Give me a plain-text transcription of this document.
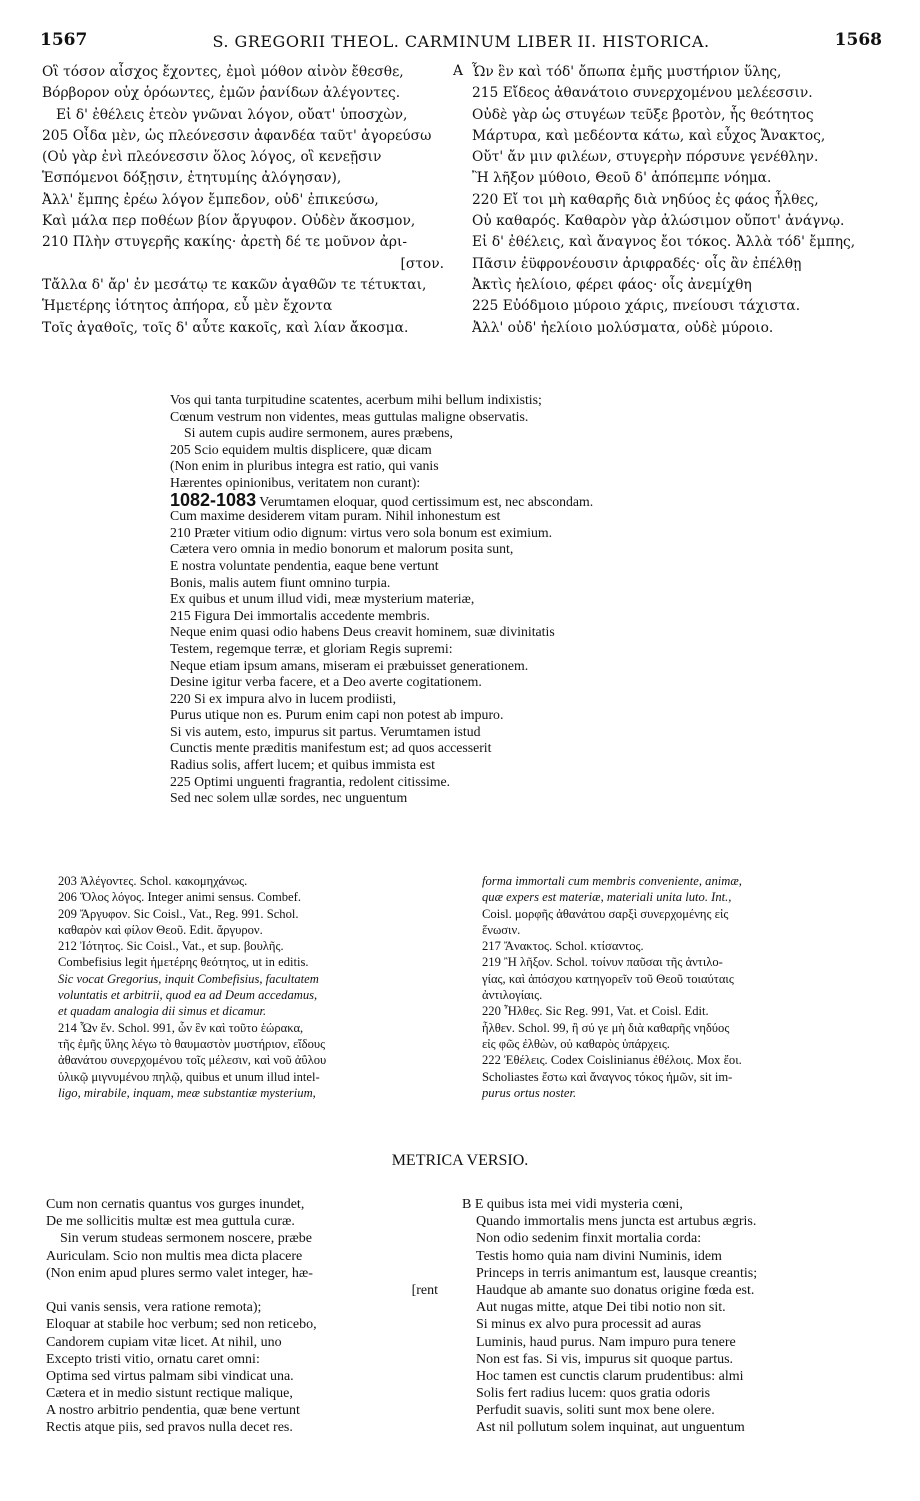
1567	S. GREGORII THEOL. CARMINUM LIBER II. HISTORICA.	1568
Οἳ τόσον αἶσχος ἔχοντες, ἐμοὶ μόθον αἰνὸν ἔθεσθε,
Βόρβορον οὐχ ὁρόωντες, ἐμῶν ῥανίδων ἀλέγοντες.
Εἰ δ' ἐθέλεις ἐτεὸν γνῶναι λόγον, οὔατ' ὑποσχὼν,
205 Οἶδα μὲν, ὡς πλεόνεσσιν ἀφανδέα ταῦτ' ἀγορεύσω
(Οὐ γὰρ ἐνὶ πλεόνεσσιν ὅλος λόγος, οἳ κενεῇσιν
Ἑσπόμενοι δόξῃσιν, ἐτητυμίης ἀλόγησαν),
Ἀλλ' ἔμπης ἐρέω λόγον ἔμπεδον, οὐδ' ἐπικεύσω,
Καὶ μάλα περ ποθέων βίον ἄργυφον. Οὐδὲν ἄκοσμον,
210 Πλὴν στυγερῆς κακίης· ἀρετὴ δέ τε μοῦνον ἀρι-
[στον.
Τἄλλα δ' ἄρ' ἐν μεσάτῳ τε κακῶν ἀγαθῶν τε τέτυκται,
Ἡμετέρης ἰότητος ἀπήορα, εὖ μὲν ἔχοντα
Τοῖς ἀγαθοῖς, τοῖς δ' αὖτε κακοῖς, καὶ λίαν ἄκοσμα.
A Ὧν ἓν καὶ τόδ' ὄπωπα ἐμῆς μυστήριον ὕλης,
215 Εἴδεος ἀθανάτοιο συνερχομένου μελέεσσιν.
Οὐδὲ γὰρ ὡς στυγέων τεῦξε βροτὸν, ἧς θεότητος
Μάρτυρα, καὶ μεδέοντα κάτω, καὶ εὖχος Ἄνακτος,
Οὔτ' ἄν μιν φιλέων, στυγερὴν πόρσυνε γενέθλην.
Ἢ λῆξον μύθοιο, Θεοῦ δ' ἀπόπεμπε νόημα.
220 Εἴ τοι μὴ καθαρῆς διὰ νηδύος ἐς φάος ἦλθες,
Οὐ καθαρός. Καθαρὸν γὰρ ἁλώσιμον οὔποτ' ἀνάγνῳ.
Εἰ δ' ἐθέλεις, καὶ ἄναγνος ἔοι τόκος. Ἀλλὰ τόδ' ἔμπης,
Πᾶσιν ἐϋφρονέουσιν ἀριφραδές· οἷς ἂν ἐπέλθῃ
Ἀκτὶς ἠελίοιο, φέρει φάος· οἷς ἀνεμίχθη
225 Εὐόδμοιο μύροιο χάρις, πνείουσι τάχιστα.
Ἀλλ' οὐδ' ἠελίοιο μολύσματα, οὐδὲ μύροιο.
Vos qui tanta turpitudine scatentes, acerbum mihi bellum indixistis;
Cœnum vestrum non videntes, meas guttulas maligne observatis.
Si autem cupis audire sermonem, aures præbens,
205 Scio equidem multis displicere, quæ dicam
(Non enim in pluribus integra est ratio, qui vanis
Hærentes opinionibus, veritatem non curant):
1082-1083 Verumtamen eloquar, quod certissimum est, nec abscondam.
Cum maxime desiderem vitam puram. Nihil inhonestum est
210 Præter vitium odio dignum: virtus vero sola bonum est eximium.
Cætera vero omnia in medio bonorum et malorum posita sunt,
E nostra voluntate pendentia, eaque bene vertunt
Bonis, malis autem fiunt omnino turpia.
Ex quibus et unum illud vidi, meæ mysterium materiæ,
215 Figura Dei immortalis accedente membris.
Neque enim quasi odio habens Deus creavit hominem, suæ divinitatis
Testem, regemque terræ, et gloriam Regis supremi:
Neque etiam ipsum amans, miseram ei præbuisset generationem.
Desine igitur verba facere, et a Deo averte cogitationem.
220 Si ex impura alvo in lucem prodiisti,
Purus utique non es. Purum enim capi non potest ab impuro.
Si vis autem, esto, impurus sit partus. Verumtamen istud
Cunctis mente præditis manifestum est; ad quos accesserit
Radius solis, affert lucem; et quibus immista est
225 Optimi unguenti fragrantia, redolent citissime.
Sed nec solem ullæ sordes, nec unguentum
203 Ἀλέγοντες. Schol. κακομηχάνως.
206 Ὅλος λόγος. Integer animi sensus. Combef.
209 Ἄργυφον. Sic Coisl., Vat., Reg. 991. Schol.
καθαρὸν καὶ φίλον Θεοῦ. Edit. ἄργυρον.
212 Ἰότητος. Sic Coisl., Vat., et sup. βουλῆς.
Combefisius legit ἡμετέρης θεότητος, ut in editis.
Sic vocat Gregorius, inquit Combefisius, facultatem
voluntatis et arbitrii, quod ea ad Deum accedamus,
et quadam analogia dii simus et dicamur.
214 Ὧν ἕν. Schol. 991, ὧν ἓν καὶ τοῦτο ἑώρακα,
τῆς ἐμῆς ὕλης λέγω τὸ θαυμαστὸν μυστήριον, εἴδους
ἀθανάτου συνερχομένου τοῖς μέλεσιν, καὶ νοῦ ἀΰλου
ὑλικῷ μιγνυμένου πηλῷ, quibus et unum illud intel-
ligo, mirabile, inquam, meæ substantiæ mysterium,
forma immortali cum membris conveniente, animæ,
quæ expers est materiæ, materiali unita luto. Int.,
Coisl. μορφῆς ἀθανάτου σαρξὶ συνερχομένης εἰς
ἕνωσιν.
217 Ἄνακτος. Schol. κτίσαντος.
219 Ἢ λῆξον. Schol. τοίνυν παῦσαι τῆς ἀντιλο-
γίας, καὶ ἀπόσχου κατηγορεῖν τοῦ Θεοῦ τοιαύταις
ἀντιλογίαις.
220 Ἦλθες. Sic Reg. 991, Vat. et Coisl. Edit.
ἦλθεν. Schol. 99, ἢ σύ γε μὴ διὰ καθαρῆς νηδύος
εἰς φῶς ἐλθὼν, οὐ καθαρὸς ὑπάρχεις.
222 Ἐθέλεις. Codex Coislinianus ἐθέλοις. Mox ἔοι.
Scholiastes ἔστω καὶ ἄναγνος τόκος ἡμῶν, sit im-
purus ortus noster.
METRICA VERSIO.
Cum non cernatis quantus vos gurges inundet,
De me sollicitis multæ est mea guttula curæ.
Sin verum studeas sermonem noscere, præbe
Auriculam. Scio non multis mea dicta placere
(Non enim apud plures sermo valet integer, hæ-
[rent
Qui vanis sensis, vera ratione remota);
Eloquar at stabile hoc verbum; sed non reticebo,
Candorem cupiam vitæ licet. At nihil, uno
Excepto tristi vitio, ornatu caret omni:
Optima sed virtus palmam sibi vindicat una.
Cætera et in medio sistunt rectique malique,
A nostro arbitrio pendentia, quæ bene vertunt
Rectis atque piis, sed pravos nulla decet res.
B E quibus ista mei vidi mysteria cœni,
Quando immortalis mens juncta est artubus ægris.
Non odio sedenim finxit mortalia corda:
Testis homo quia nam divini Numinis, idem
Princeps in terris animantum est, lausque creantis;
Haudque ab amante suo donatus origine fœda est.
Aut nugas mitte, atque Dei tibi notio non sit.
Si minus ex alvo pura processit ad auras
Luminis, haud purus. Nam impuro pura tenere
Non est fas. Si vis, impurus sit quoque partus.
Hoc tamen est cunctis clarum prudentibus: almi
Solis fert radius lucem: quos gratia odoris
Perfudit suavis, soliti sunt mox bene olere.
Ast nil pollutum solem inquinat, aut unguentum
